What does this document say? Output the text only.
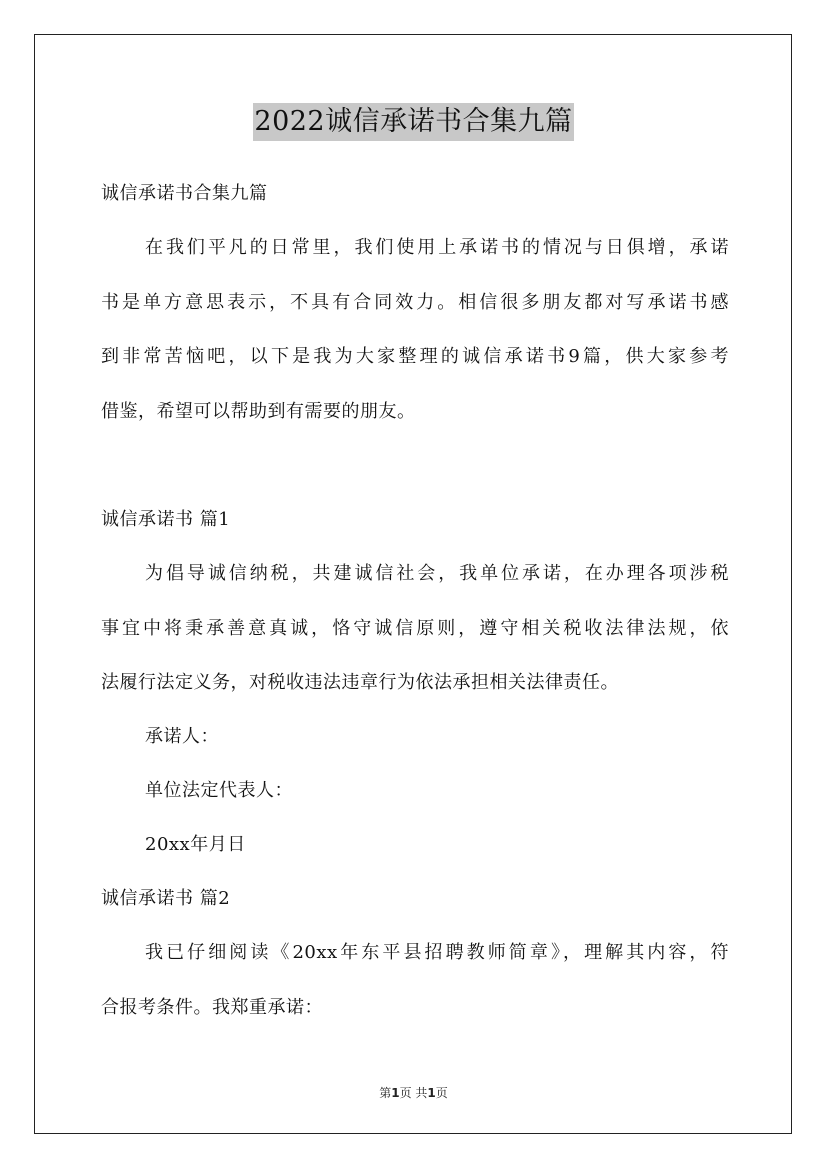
2022诚信承诺书合集九篇
诚信承诺书合集九篇
在我们平凡的日常里，我们使用上承诺书的情况与日俱增，承诺
书是单方意思表示，不具有合同效力。相信很多朋友都对写承诺书感
到非常苦恼吧，以下是我为大家整理的诚信承诺书9篇，供大家参考
借鉴，希望可以帮助到有需要的朋友。
诚信承诺书 篇1
为倡导诚信纳税，共建诚信社会，我单位承诺，在办理各项涉税
事宜中将秉承善意真诚，恪守诚信原则，遵守相关税收法律法规，依
法履行法定义务，对税收违法违章行为依法承担相关法律责任。
承诺人：
单位法定代表人：
20xx年月日
诚信承诺书 篇2
我已仔细阅读《20xx年东平县招聘教师简章》，理解其内容，符
合报考条件。我郑重承诺：
第1页 共1页
